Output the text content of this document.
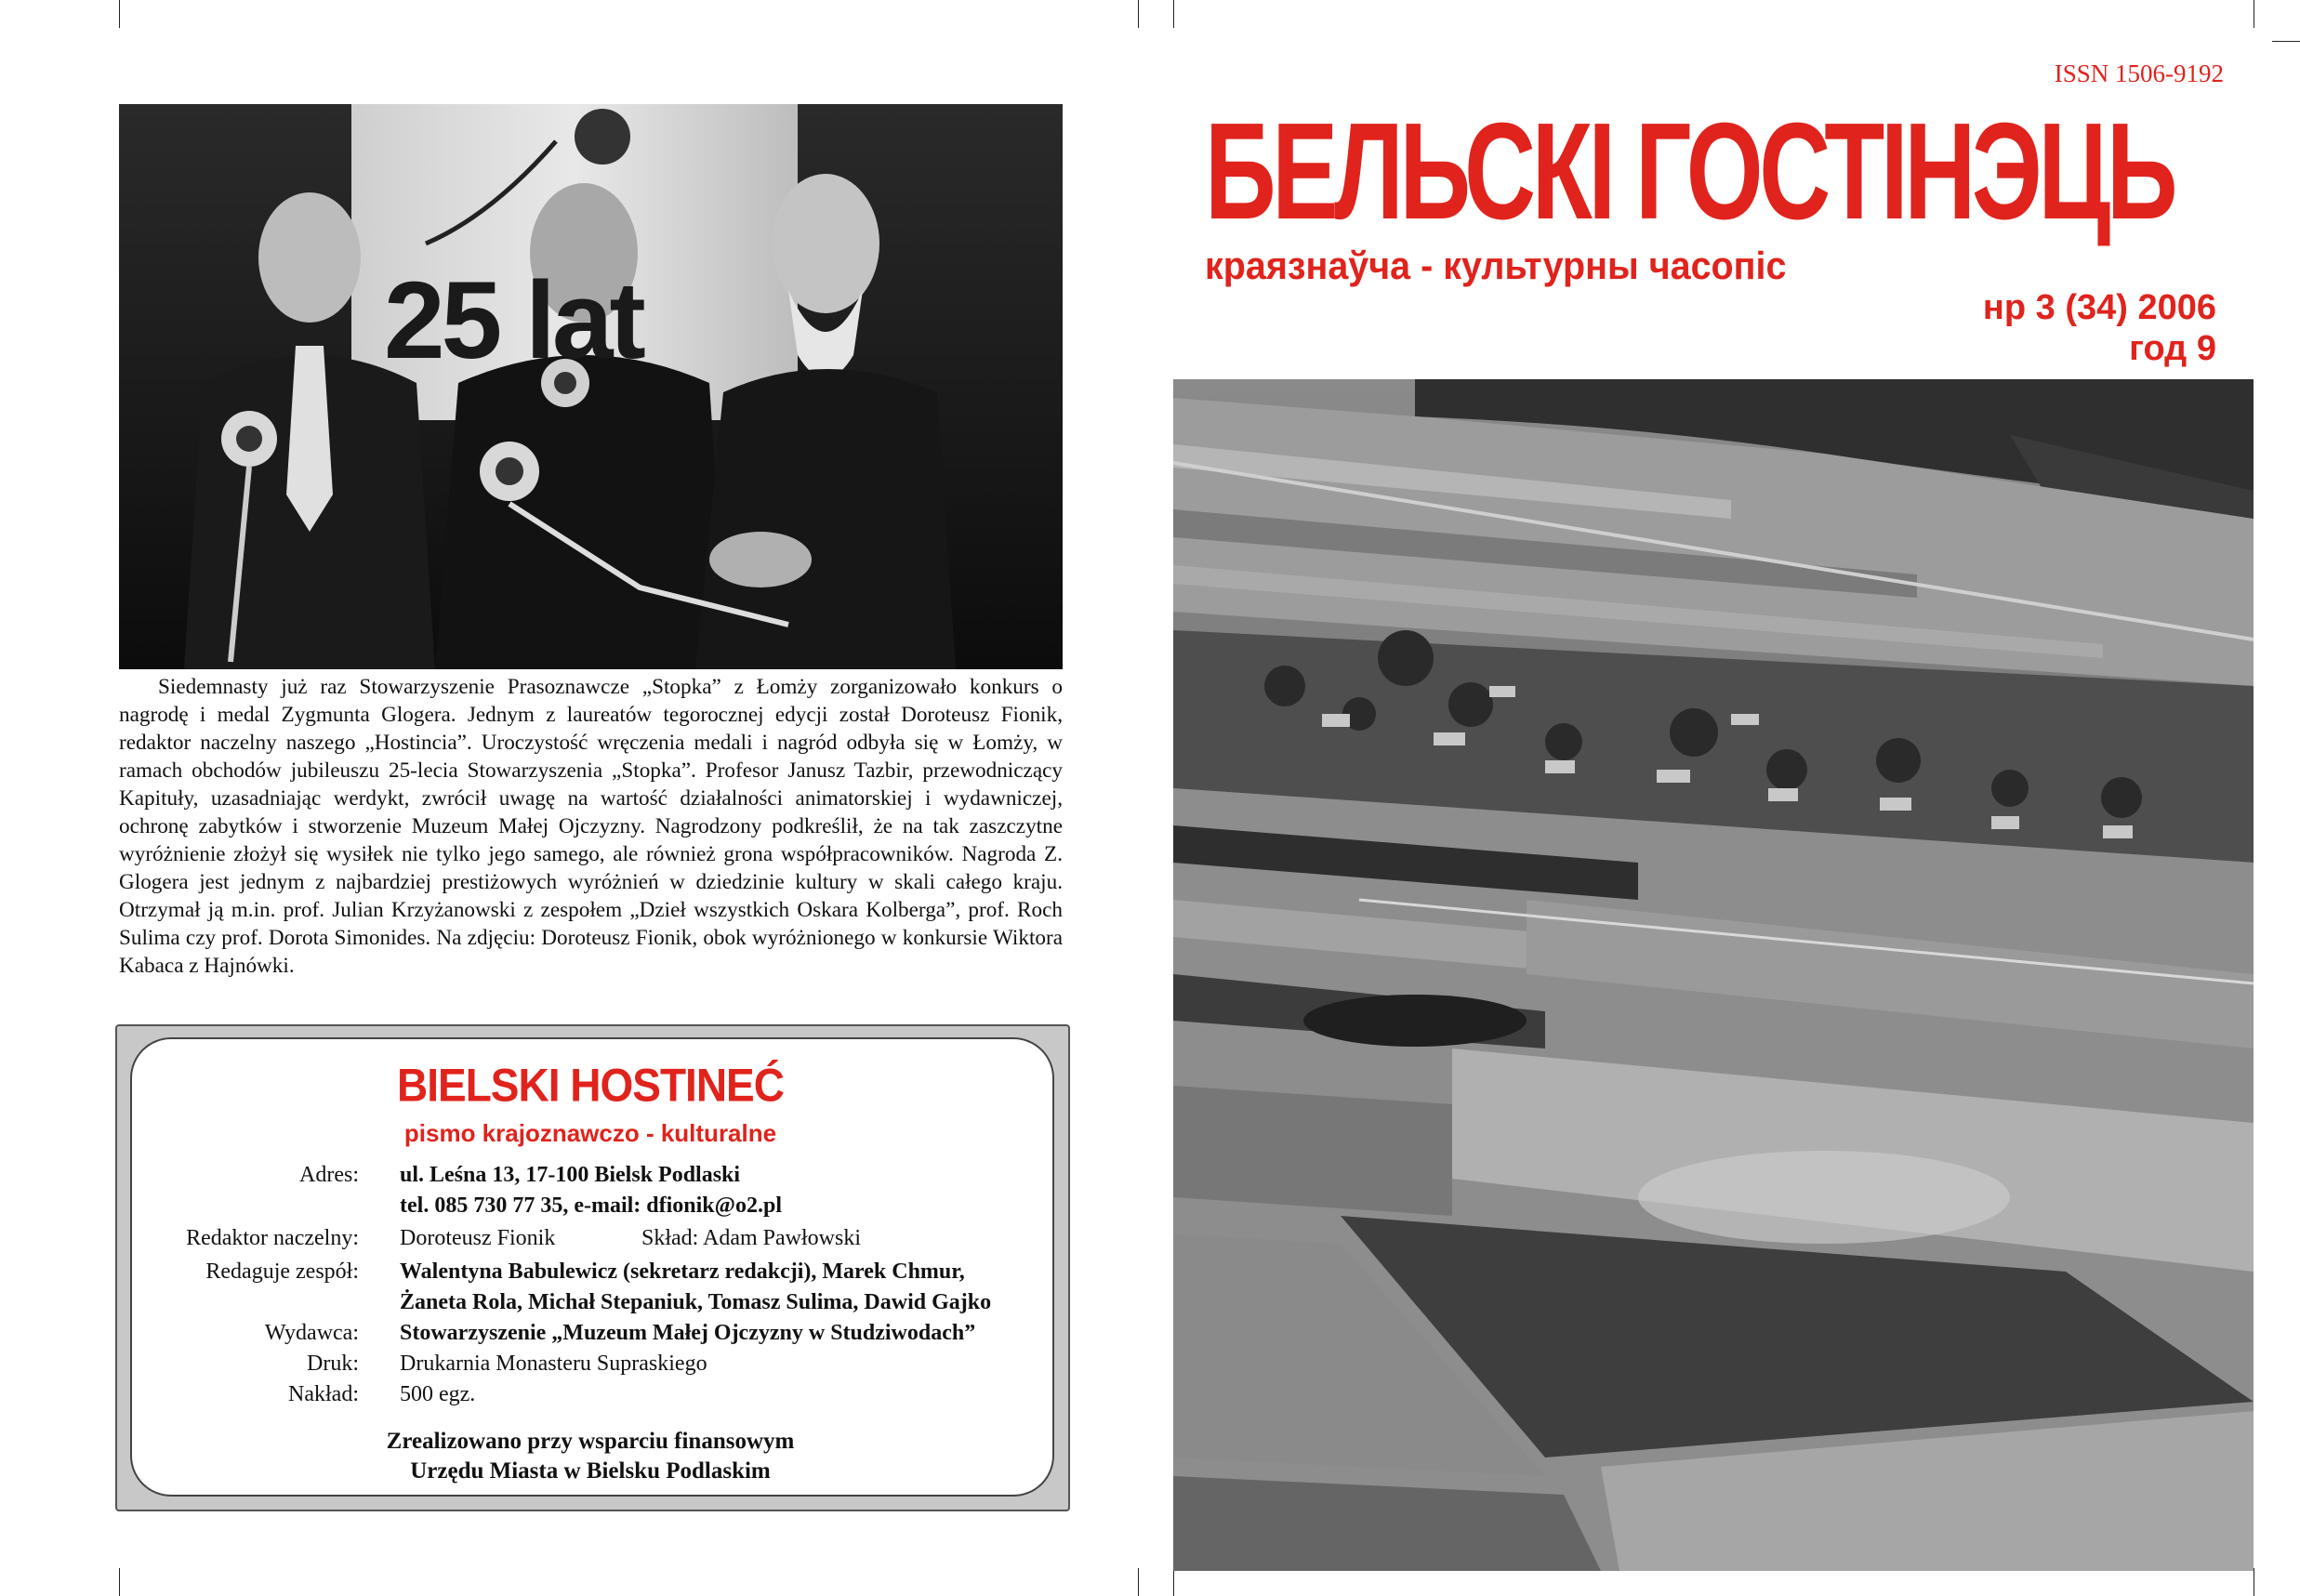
25 lat

Siedemnasty już raz Stowarzyszenie Prasoznawcze „Stopka” z Łomży zorganizowało konkurs o nagrodę i medal Zygmunta Glogera. Jednym z laureatów tegorocznej edycji został Doroteusz Fionik, redaktor naczelny naszego „Hostincia”. Uroczystość wręczenia medali i nagród odbyła się w Łomży, w ramach obchodów jubileuszu 25-lecia Stowarzyszenia „Stopka”. Profesor Janusz Tazbir, przewodniczący Kapituły, uzasadniając werdykt, zwrócił uwagę na wartość działalności animatorskiej i wydawniczej, ochronę zabytków i stworzenie Muzeum Małej Ojczyzny. Nagrodzony podkreślił, że na tak zaszczytne wyróżnienie złożył się wysiłek nie tylko jego samego, ale również grona współpracowników. Nagroda Z. Glogera jest jednym z najbardziej prestiżowych wyróżnień w dziedzinie kultury w skali całego kraju. Otrzymał ją m.in. prof. Julian Krzyżanowski z zespołem „Dzieł wszystkich Oskara Kolberga”, prof. Roch Sulima czy prof. Dorota Simonides. Na zdjęciu: Doroteusz Fionik, obok wyróżnionego w konkursie Wiktora Kabaca z Hajnówki.

BIELSKI HOSTINEĆ
pismo krajoznawczo - kulturalne
Adres: ul. Leśna 13, 17-100 Bielsk Podlaski
tel. 085 730 77 35, e-mail: dfionik@o2.pl
Redaktor naczelny: Doroteusz Fionik	Skład: Adam Pawłowski
Redaguje zespół: Walentyna Babulewicz (sekretarz redakcji), Marek Chmur,
Żaneta Rola, Michał Stepaniuk, Tomasz Sulima, Dawid Gajko
Wydawca: Stowarzyszenie „Muzeum Małej Ojczyzny w Studziwodach”
Druk: Drukarnia Monasteru Supraskiego
Nakład: 500 egz.
Zrealizowano przy wsparciu finansowym
Urzędu Miasta w Bielsku Podlaskim
ISSN 1506-9192
БЕЛЬСКІ ГОСТІНЭЦЬ
краязнаўча - культурны часопіс
нр 3 (34) 2006
год 9
